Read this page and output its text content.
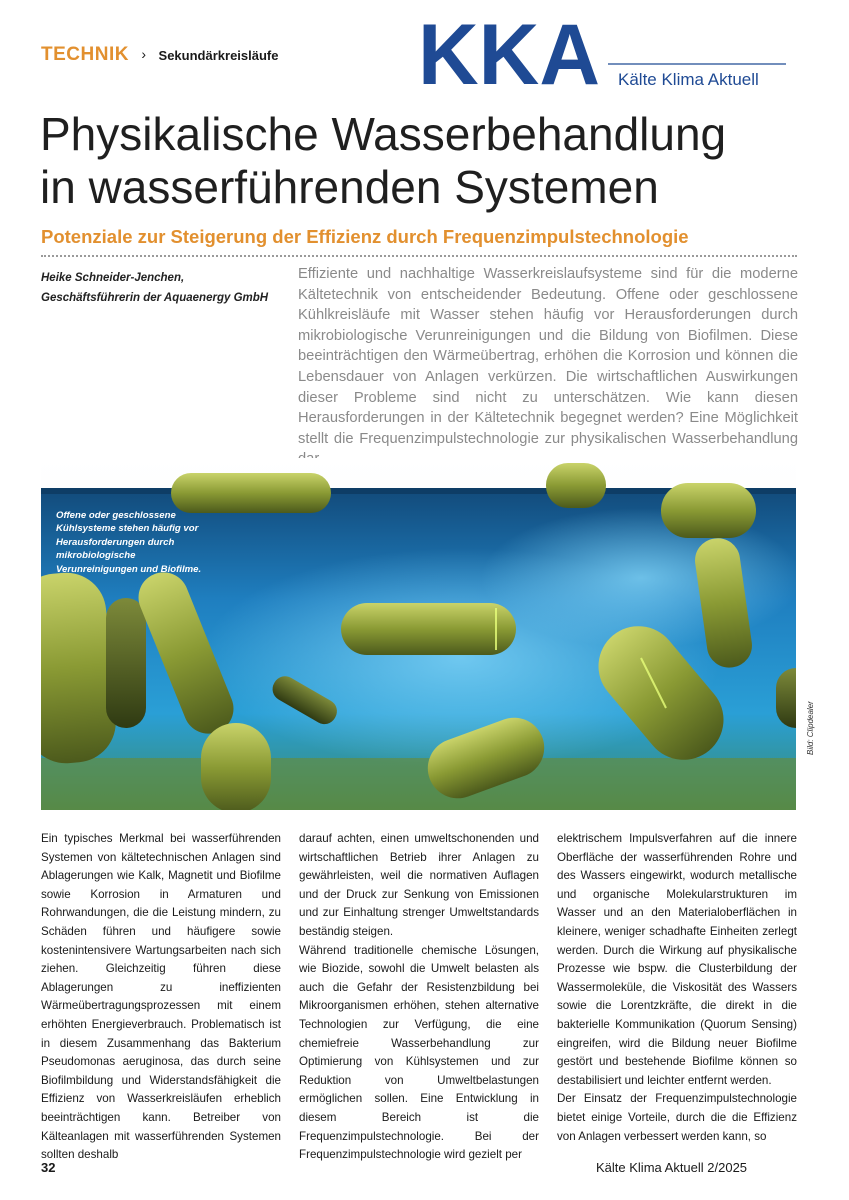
TECHNIK › Sekundärkreisläufe KKA Kälte Klima Aktuell
Physikalische Wasserbehandlung
in wasserführenden Systemen
Potenziale zur Steigerung der Effizienz durch Frequenzimpulstechnologie
Heike Schneider-Jenchen,
Geschäftsführerin der Aquaenergy GmbH
Effiziente und nachhaltige Wasserkreislaufsysteme sind für die moderne Kältetechnik von entscheidender Bedeutung. Offene oder geschlossene Kühlkreisläufe mit Wasser stehen häufig vor Herausforderungen durch mikrobiologische Verunreinigungen und die Bildung von Biofilmen. Diese beeinträchtigen den Wärmeübertrag, erhöhen die Korrosion und können die Lebensdauer von Anlagen verkürzen. Die wirtschaftlichen Auswirkungen dieser Probleme sind nicht zu unterschätzen. Wie kann diesen Herausforderungen in der Kältetechnik begegnet werden? Eine Möglichkeit stellt die Frequenzimpulstechnologie zur physikalischen Wasserbehandlung
Offene oder geschlossene Kühlsysteme stehen häufig vor Herausforderungen durch mikrobiologische Verunreinigungen und Biofilme.
Bild: Clipdealer

Ein typisches Merkmal bei wasserführenden Systemen von kältetechnischen Anlagen sind Ablagerungen wie Kalk, Magnetit und Biofilme sowie Korrosion in Armaturen und Rohrwandungen, die die Leistung mindern, zu Schäden führen und häufigere sowie kostenintensivere Wartungsarbeiten nach sich ziehen. Gleichzeitig führen diese Ablagerungen zu ineffizienten Wärmeübertragungsprozessen mit einem erhöhten Energieverbrauch. Problematisch ist in diesem Zusammenhang das Bakterium Pseudomonas aeruginosa, das durch seine Biofilmbildung und Widerstandsfähigkeit die Effizienz von Wasserkreisläufen erheblich beeinträchtigen kann. Betreiber von Kälteanlagen mit wasserführenden Systemen sollten deshalb

darauf achten, einen umweltschonenden und wirtschaftlichen Betrieb ihrer Anlagen zu gewährleisten, weil die normativen Auflagen und der Druck zur Senkung von Emissionen und zur Einhaltung strenger Umweltstandards beständig steigen.

Während traditionelle chemische Lösungen, wie Biozide, sowohl die Umwelt belasten als auch die Gefahr der Resistenzbildung bei Mikroorganismen erhöhen, stehen alternative Technologien zur Verfügung, die eine chemiefreie Wasserbehandlung zur Optimierung von Kühlsystemen und zur Reduktion von Umweltbelastungen ermöglichen sollen. Eine Entwicklung in diesem Bereich ist die Frequenzimpulstechnologie. Bei der Frequenzimpulstechnologie wird gezielt per

elektrischem Impulsverfahren auf die innere Oberfläche der wasserführenden Rohre und des Wassers eingewirkt, wodurch metallische und organische Molekularstrukturen im Wasser und an den Materialoberflächen in kleinere, weniger schadhafte Einheiten zerlegt werden. Durch die Wirkung auf physikalische Prozesse wie bspw. die Clusterbildung der Wassermoleküle, die Viskosität des Wassers sowie die Lorentzkräfte, die direkt in die bakterielle Kommunikation (Quorum Sensing) eingreifen, wird die Bildung neuer Biofilme gestört und bestehende Biofilme können so destabilisiert und leichter entfernt werden.

Der Einsatz der Frequenzimpulstechnologie bietet einige Vorteile, durch die die Effizienz von Anlagen verbessert werden kann, so

32	Kälte Klima Aktuell 2/2025
